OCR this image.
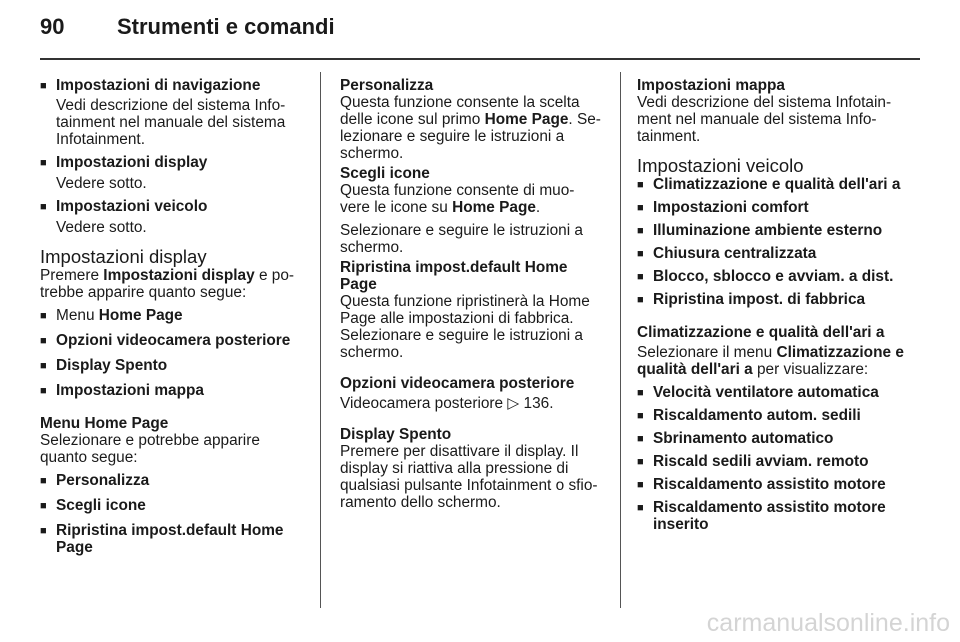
90 Strumenti e comandi

■ Impostazioni di navigazione

Vedi descrizione del sistema Info- tainment nel manuale del sistema Infotainment.

■ Impostazioni display

Vedere sotto.

■ Impostazioni veicolo

Vedere sotto.

Impostazioni display

Premere Impostazioni display e po- trebbe apparire quanto segue:

■ Menu Home Page

■ Opzioni videocamera posteriore

■ Display Spento

■ Impostazioni mappa

Menu Home Page

Selezionare e potrebbe apparire quanto segue:

■ Personalizza

■ Scegli icone

■ Ripristina impost.default Home Page

Personalizza

Questa funzione consente la scelta delle icone sul primo Home Page. Se- lezionare e seguire le istruzioni a schermo.

Scegli icone

Questa funzione consente di muo- vere le icone su Home Page.

Selezionare e seguire le istruzioni a schermo.

Ripristina impost.default Home Page

Questa funzione ripristinerà la Home Page alle impostazioni di fabbrica. Selezionare e seguire le istruzioni a schermo.

Opzioni videocamera posteriore

Videocamera posteriore ▷ 136.

Display Spento

Premere per disattivare il display. Il display si riattiva alla pressione di qualsiasi pulsante Infotainment o sfio- ramento dello schermo.

Impostazioni mappa

Vedi descrizione del sistema Infotain- ment nel manuale del sistema Info- tainment.

Impostazioni veicolo

■ Climatizzazione e qualità dell'ari a

■ Impostazioni comfort

■ Illuminazione ambiente esterno

■ Chiusura centralizzata

■ Blocco, sblocco e avviam. a dist.

■ Ripristina impost. di fabbrica

Climatizzazione e qualità dell'ari a

Selezionare il menu Climatizzazione e qualità dell'ari a per visualizzare:

■ Velocità ventilatore automatica

■ Riscaldamento autom. sedili

■ Sbrinamento automatico

■ Riscald sedili avviam. remoto

■ Riscaldamento assistito motore

■ Riscaldamento assistito motore inserito

carmanualsonline.info
